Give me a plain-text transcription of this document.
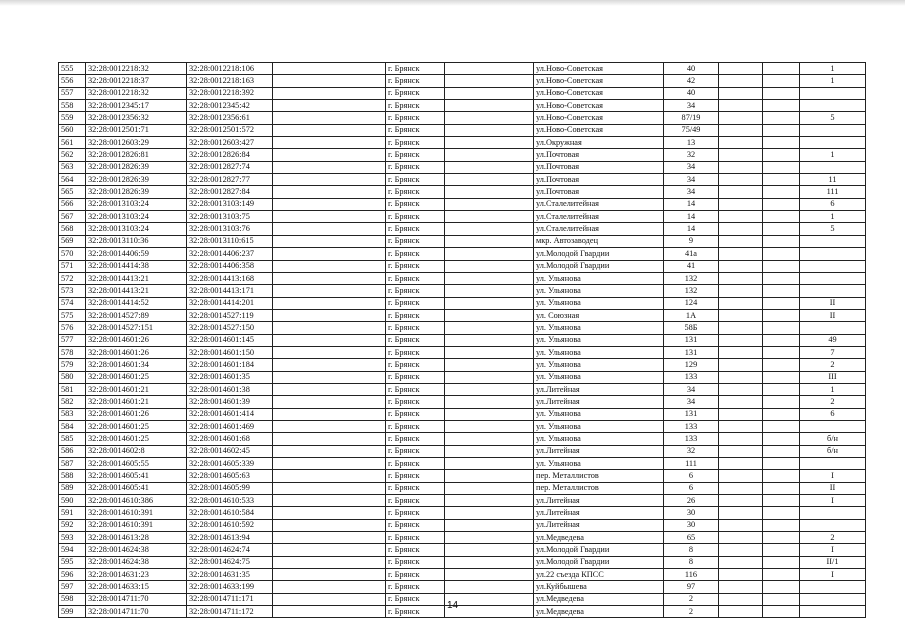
555	32:28:0012218:32	32:28:0012218:106		г. Брянск		ул.Ново-Советская	40			1
556	32:28:0012218:37	32:28:0012218:163		г. Брянск		ул.Ново-Советская	42			1
557	32:28:0012218:32	32:28:0012218:392		г. Брянск		ул.Ново-Советская	40			
558	32:28:0012345:17	32:28:0012345:42		г. Брянск		ул.Ново-Советская	34			
559	32:28:0012356:32	32:28:0012356:61		г. Брянск		ул.Ново-Советская	87/19			5
560	32:28:0012501:71	32:28:0012501:572		г. Брянск		ул.Ново-Советская	75/49			
561	32:28:0012603:29	32:28:0012603:427		г. Брянск		ул.Окружная	13			
562	32:28:0012826:81	32:28:0012826:84		г. Брянск		ул.Почтовая	32			1
563	32:28:0012826:39	32:28:0012827:74		г. Брянск		ул.Почтовая	34			
564	32:28:0012826:39	32:28:0012827:77		г. Брянск		ул.Почтовая	34			11
565	32:28:0012826:39	32:28:0012827:84		г. Брянск		ул.Почтовая	34			111
566	32:28:0013103:24	32:28:0013103:149		г. Брянск		ул.Сталелитейная	14			6
567	32:28:0013103:24	32:28:0013103:75		г. Брянск		ул.Сталелитейная	14			1
568	32:28:0013103:24	32:28:0013103:76		г. Брянск		ул.Сталелитейная	14			5
569	32:28:0013110:36	32:28:0013110:615		г. Брянск		мкр. Автозаводец	9			
570	32:28:0014406:59	32:28:0014406:237		г. Брянск		ул.Молодой Гвардии	41а			
571	32:28:0014414:38	32:28:0014406:358		г. Брянск		ул.Молодой Гвардии	41			
572	32:28:0014413:21	32:28:0014413:168		г. Брянск		ул. Ульянова	132			
573	32:28:0014413:21	32:28:0014413:171		г. Брянск		ул. Ульянова	132			
574	32:28:0014414:52	32:28:0014414:201		г. Брянск		ул. Ульянова	124			II
575	32:28:0014527:89	32:28:0014527:119		г. Брянск		ул. Союзная	1А			II
576	32:28:0014527:151	32:28:0014527:150		г. Брянск		ул. Ульянова	58Б			
577	32:28:0014601:26	32:28:0014601:145		г. Брянск		ул. Ульянова	131			49
578	32:28:0014601:26	32:28:0014601:150		г. Брянск		ул. Ульянова	131			7
579	32:28:0014601:34	32:28:0014601:184		г. Брянск		ул. Ульянова	129			2
580	32:28:0014601:25	32:28:0014601:35		г. Брянск		ул. Ульянова	133			III
581	32:28:0014601:21	32:28:0014601:38		г. Брянск		ул.Литейная	34			1
582	32:28:0014601:21	32:28:0014601:39		г. Брянск		ул.Литейная	34			2
583	32:28:0014601:26	32:28:0014601:414		г. Брянск		ул. Ульянова	131			6
584	32:28:0014601:25	32:28:0014601:469		г. Брянск		ул. Ульянова	133			
585	32:28:0014601:25	32:28:0014601:68		г. Брянск		ул. Ульянова	133			б/н
586	32:28:0014602:8	32:28:0014602:45		г. Брянск		ул.Литейная	32			б/н
587	32:28:0014605:55	32:28:0014605:339		г. Брянск		ул. Ульянова	111			
588	32:28:0014605:41	32:28:0014605:63		г. Брянск		пер. Металлистов	6			I
589	32:28:0014605:41	32:28:0014605:99		г. Брянск		пер. Металлистов	6			II
590	32:28:0014610:386	32:28:0014610:533		г. Брянск		ул.Литейная	26			I
591	32:28:0014610:391	32:28:0014610:584		г. Брянск		ул.Литейная	30			
592	32:28:0014610:391	32:28:0014610:592		г. Брянск		ул.Литейная	30			
593	32:28:0014613:28	32:28:0014613:94		г. Брянск		ул.Медведева	65			2
594	32:28:0014624:38	32:28:0014624:74		г. Брянск		ул.Молодой Гвардии	8			I
595	32:28:0014624:38	32:28:0014624:75		г. Брянск		ул.Молодой Гвардии	8			II/1
596	32:28:0014631:23	32:28:0014631:35		г. Брянск		ул.22 съезда КПСС	116			I
597	32:28:0014633:15	32:28:0014633:199		г. Брянск		ул.Куйбышева	97			
598	32:28:0014711:70	32:28:0014711:171		г. Брянск		ул.Медведева	2			
599	32:28:0014711:70	32:28:0014711:172		г. Брянск		ул.Медведева	2			
14
